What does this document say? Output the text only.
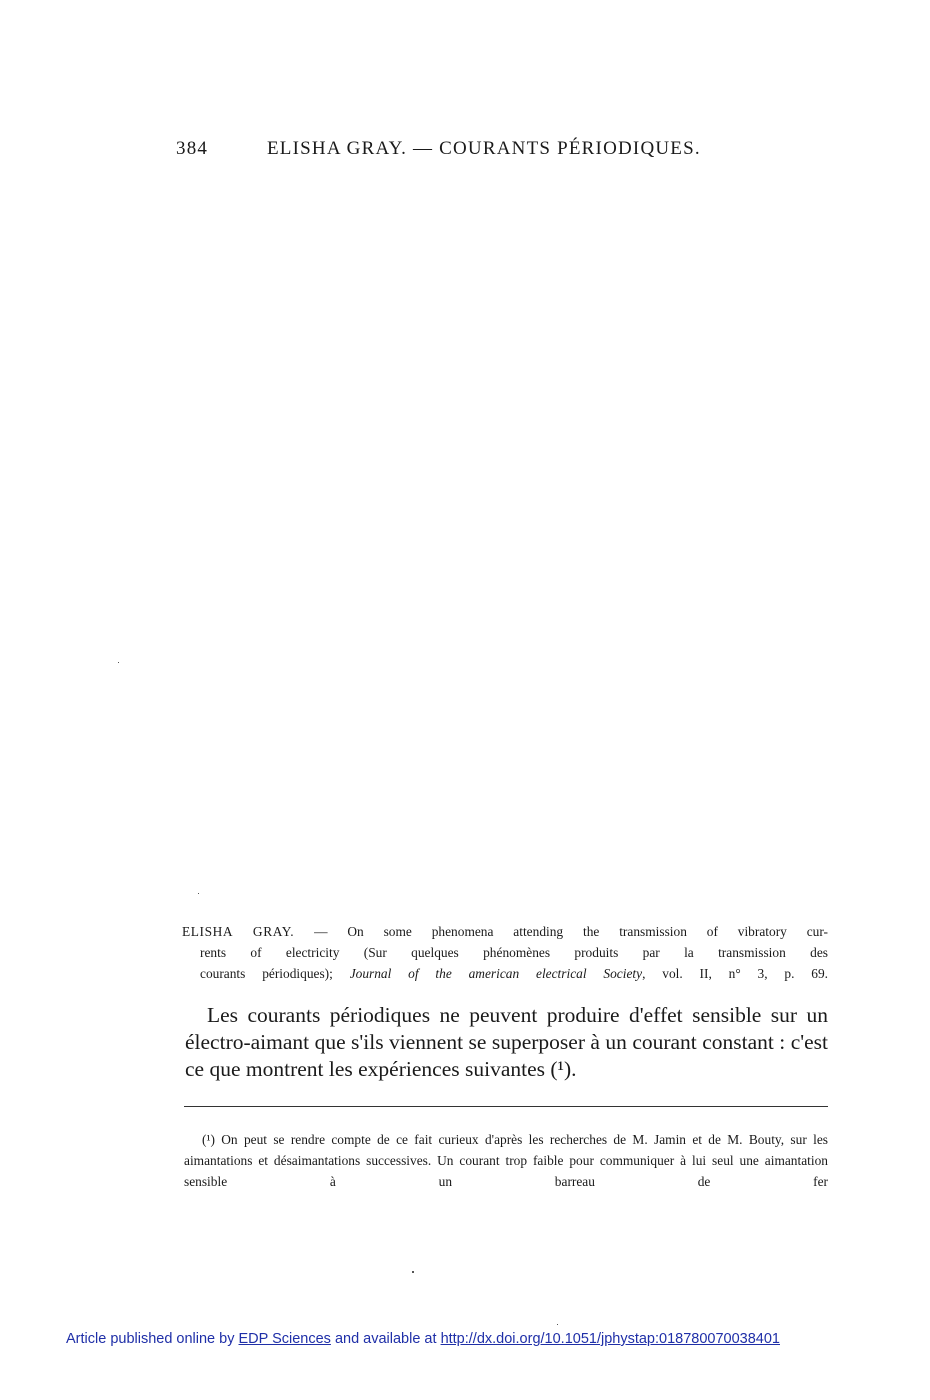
384	ELISHA GRAY. — COURANTS PÉRIODIQUES.
ELISHA GRAY. — On some phenomena attending the transmission of vibratory cur-
rents of electricity (Sur quelques phénomènes produits par la transmission des
courants périodiques); Journal of the american electrical Society, vol. II, n° 3, p. 69.
Les courants périodiques ne peuvent produire d'effet sensible sur un électro-aimant que s'ils viennent se superposer à un courant constant : c'est ce que montrent les expériences suivantes (¹).
(¹) On peut se rendre compte de ce fait curieux d'après les recherches de M. Jamin et de M. Bouty, sur les aimantations et désaimantations successives. Un courant trop faible pour communiquer à lui seul une aimantation sensible à un barreau de fer
Article published online by EDP Sciences and available at http://dx.doi.org/10.1051/jphystap:018780070038401
